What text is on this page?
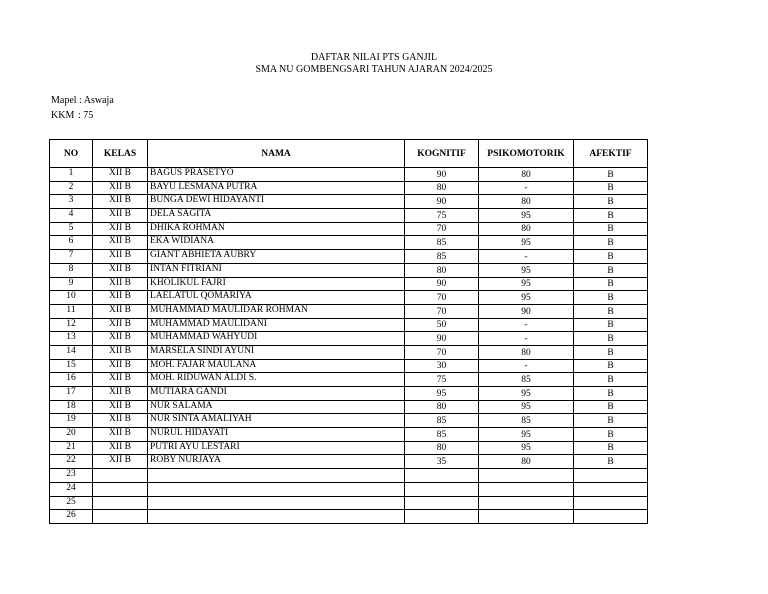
DAFTAR NILAI PTS GANJIL
SMA NU GOMBENGSARI TAHUN AJARAN 2024/2025
Mapel : Aswaja
KKM : 75
NO	KELAS	NAMA	KOGNITIF	PSIKOMOTORIK	AFEKTIF
1	XII B	BAGUS PRASETYO	90	80	B
2	XII B	BAYU LESMANA PUTRA	80	-	B
3	XII B	BUNGA DEWI HIDAYANTI	90	80	B
4	XII B	DELA SAGITA	75	95	B
5	XII B	DHIKA ROHMAN	70	80	B
6	XII B	EKA WIDIANA	85	95	B
7	XII B	GIANT ABHIETA AUBRY	85	-	B
8	XII B	INTAN FITRIANI	80	95	B
9	XII B	KHOLIKUL FAJRI	90	95	B
10	XII B	LAELATUL QOMARIYA	70	95	B
11	XII B	MUHAMMAD MAULIDAR ROHMAN	70	90	B
12	XII B	MUHAMMAD MAULIDANI	50	-	B
13	XII B	MUHAMMAD WAHYUDI	90	-	B
14	XII B	MARSELA SINDI AYUNI	70	80	B
15	XII B	MOH. FAJAR MAULANA	30	-	B
16	XII B	MOH. RIDUWAN ALDI S.	75	85	B
17	XII B	MUTIARA GANDI	95	95	B
18	XII B	NUR SALAMA	80	95	B
19	XII B	NUR SINTA AMALIYAH	85	85	B
20	XII B	NURUL HIDAYATI	85	95	B
21	XII B	PUTRI AYU LESTARI	80	95	B
22	XII B	ROBY NURJAYA	35	80	B
23					
24					
25					
26					
